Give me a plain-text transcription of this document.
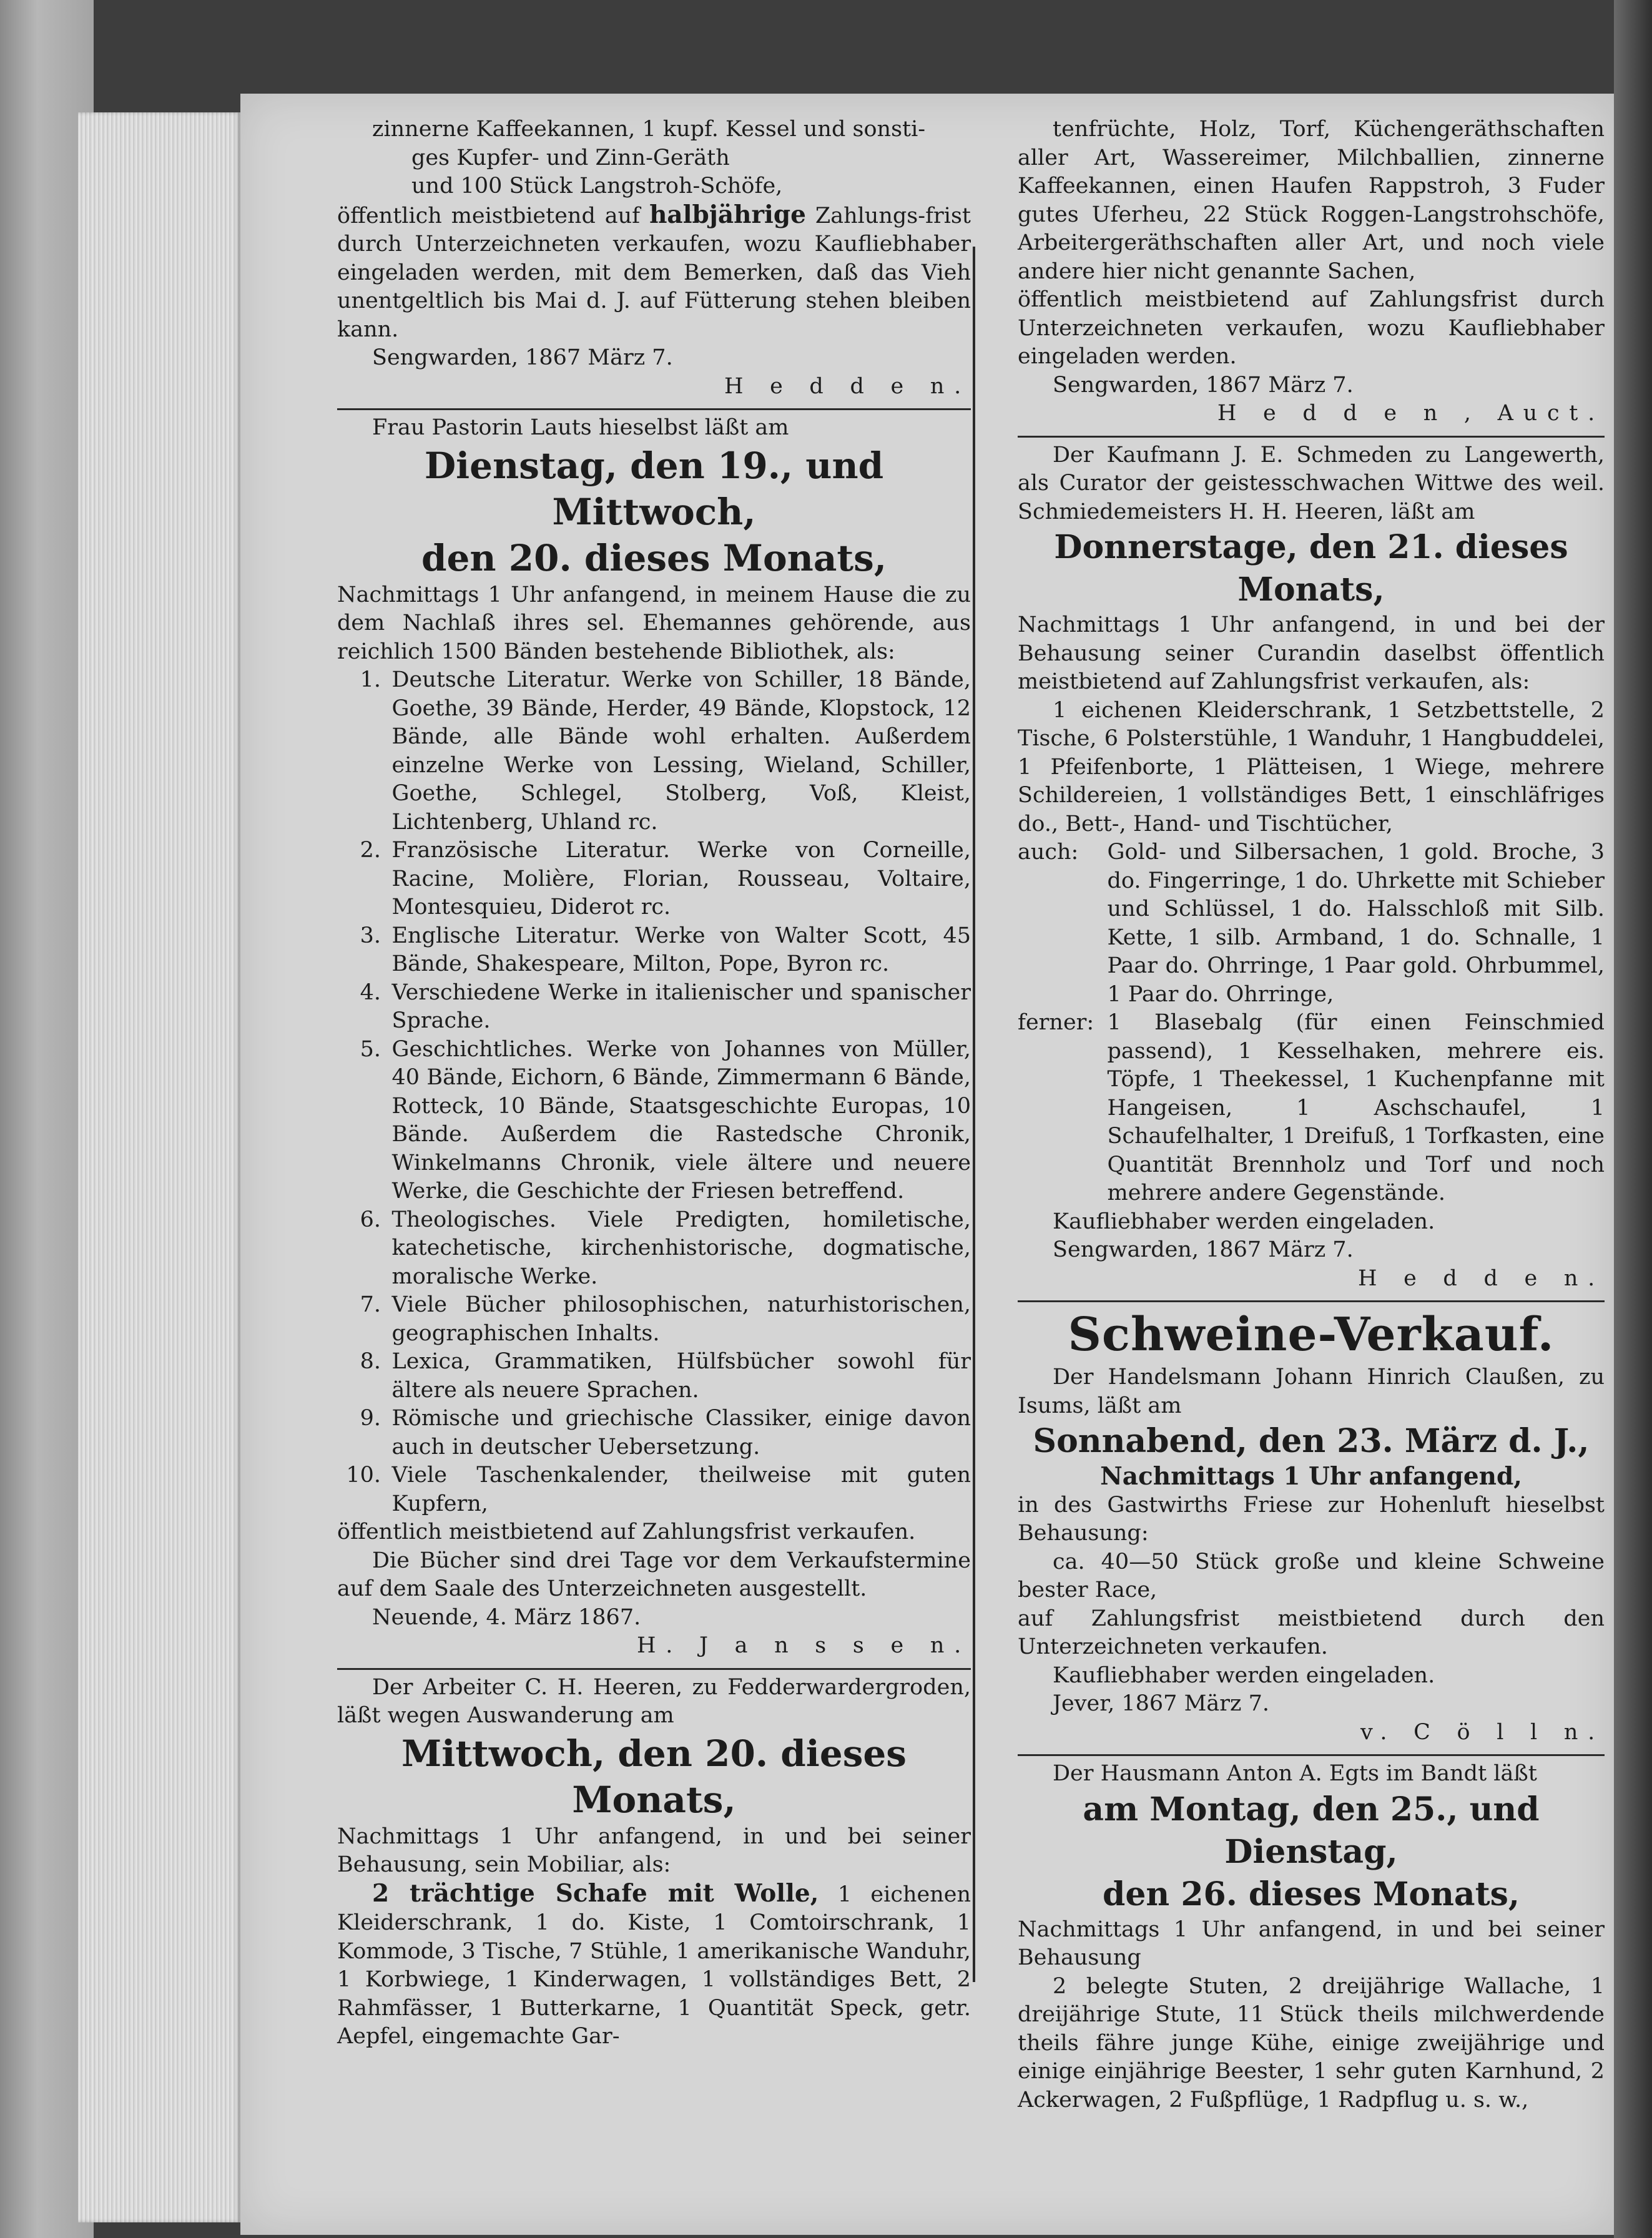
zinnerne Kaffeekannen, 1 kupf. Kessel und sonsti-

ges Kupfer- und Zinn-Geräth

und 100 Stück Langstroh-Schöfe,

öffentlich meistbietend auf halbjährige Zahlungs-frist durch Unterzeichneten verkaufen, wozu Kaufliebhaber eingeladen werden, mit dem Bemerken, daß das Vieh unentgeltlich bis Mai d. J. auf Fütterung stehen bleiben kann.

Sengwarden, 1867 März 7.

H e d d e n.

Frau Pastorin Lauts hieselbst läßt am

Dienstag, den 19., und Mittwoch,

den 20. dieses Monats,

Nachmittags 1 Uhr anfangend, in meinem Hause die zu dem Nachlaß ihres sel. Ehemannes gehörende, aus reichlich 1500 Bänden bestehende Bibliothek, als:

1. Deutsche Literatur. Werke von Schiller, 18 Bände, Goethe, 39 Bände, Herder, 49 Bände, Klopstock, 12 Bände, alle Bände wohl erhalten. Außerdem einzelne Werke von Lessing, Wieland, Schiller, Goethe, Schlegel, Stolberg, Voß, Kleist, Lichtenberg, Uhland rc.
2. Französische Literatur. Werke von Corneille, Racine, Molière, Florian, Rousseau, Voltaire, Montesquieu, Diderot rc.
3. Englische Literatur. Werke von Walter Scott, 45 Bände, Shakespeare, Milton, Pope, Byron rc.
4. Verschiedene Werke in italienischer und spanischer Sprache.
5. Geschichtliches. Werke von Johannes von Müller, 40 Bände, Eichorn, 6 Bände, Zimmermann 6 Bände, Rotteck, 10 Bände, Staatsgeschichte Europas, 10 Bände. Außerdem die Rastedsche Chronik, Winkelmanns Chronik, viele ältere und neuere Werke, die Geschichte der Friesen betreffend.
6. Theologisches. Viele Predigten, homiletische, katechetische, kirchenhistorische, dogmatische, moralische Werke.
7. Viele Bücher philosophischen, naturhistorischen, geographischen Inhalts.
8. Lexica, Grammatiken, Hülfsbücher sowohl für ältere als neuere Sprachen.
9. Römische und griechische Classiker, einige davon auch in deutscher Uebersetzung.
10. Viele Taschenkalender, theilweise mit guten Kupfern,

öffentlich meistbietend auf Zahlungsfrist verkaufen.

Die Bücher sind drei Tage vor dem Verkaufstermine auf dem Saale des Unterzeichneten ausgestellt.

Neuende, 4. März 1867.

H. J a n s s e n.

Der Arbeiter C. H. Heeren, zu Fedderwardergroden, läßt wegen Auswanderung am

Mittwoch, den 20. dieses Monats,

Nachmittags 1 Uhr anfangend, in und bei seiner Behausung, sein Mobiliar, als:

2 trächtige Schafe mit Wolle, 1 eichenen Kleiderschrank, 1 do. Kiste, 1 Comtoirschrank, 1 Kommode, 3 Tische, 7 Stühle, 1 amerikanische Wanduhr, 1 Korbwiege, 1 Kinderwagen, 1 vollständiges Bett, 2 Rahmfässer, 1 Butterkarne, 1 Quantität Speck, getr. Aepfel, eingemachte Gar-

tenfrüchte, Holz, Torf, Küchengeräthschaften aller Art, Wassereimer, Milchballien, zinnerne Kaffeekannen, einen Haufen Rappstroh, 3 Fuder gutes Uferheu, 22 Stück Roggen-Langstrohschöfe, Arbeitergeräthschaften aller Art, und noch viele andere hier nicht genannte Sachen,

öffentlich meistbietend auf Zahlungsfrist durch Unterzeichneten verkaufen, wozu Kaufliebhaber eingeladen werden.

Sengwarden, 1867 März 7.

H e d d e n , Auct.

Der Kaufmann J. E. Schmeden zu Langewerth, als Curator der geistesschwachen Wittwe des weil. Schmiedemeisters H. H. Heeren, läßt am

Donnerstage, den 21. dieses Monats,

Nachmittags 1 Uhr anfangend, in und bei der Behausung seiner Curandin daselbst öffentlich meistbietend auf Zahlungsfrist verkaufen, als:

1 eichenen Kleiderschrank, 1 Setzbettstelle, 2 Tische, 6 Polsterstühle, 1 Wanduhr, 1 Hangbuddelei, 1 Pfeifenborte, 1 Plätteisen, 1 Wiege, mehrere Schildereien, 1 vollständiges Bett, 1 einschläfriges do., Bett-, Hand- und Tischtücher,

auch:	Gold- und Silbersachen, 1 gold. Broche, 3 do. Fingerringe, 1 do. Uhrkette mit Schieber und Schlüssel, 1 do. Halsschloß mit Silb. Kette, 1 silb. Armband, 1 do. Schnalle, 1 Paar do. Ohrringe, 1 Paar gold. Ohrbummel, 1 Paar do. Ohrringe,
ferner: 1 Blasebalg (für einen Feinschmied passend), 1 Kesselhaken, mehrere eis. Töpfe, 1 Theekessel, 1 Kuchenpfanne mit Hangeisen, 1 Aschschaufel, 1 Schaufelhalter, 1 Dreifuß, 1 Torfkasten, eine Quantität Brennholz und Torf und noch mehrere andere Gegenstände.

Kaufliebhaber werden eingeladen.

Sengwarden, 1867 März 7.

H e d d e n.

Schweine-Verkauf.

Der Handelsmann Johann Hinrich Claußen, zu Isums, läßt am

Sonnabend, den 23. März d. J.,

Nachmittags 1 Uhr anfangend,

in des Gastwirths Friese zur Hohenluft hieselbst Behausung:

ca. 40—50 Stück große und kleine Schweine bester Race,

auf Zahlungsfrist meistbietend durch den Unterzeichneten verkaufen.

Kaufliebhaber werden eingeladen.

Jever, 1867 März 7.

v. C ö l l n.

Der Hausmann Anton A. Egts im Bandt läßt

am Montag, den 25., und Dienstag,

den 26. dieses Monats,

Nachmittags 1 Uhr anfangend, in und bei seiner Behausung

2 belegte Stuten, 2 dreijährige Wallache, 1 dreijährige Stute, 11 Stück theils milchwerdende theils fähre junge Kühe, einige zweijährige und einige einjährige Beester, 1 sehr guten Karnhund, 2 Ackerwagen, 2 Fußpflüge, 1 Radpflug u. s. w.,
